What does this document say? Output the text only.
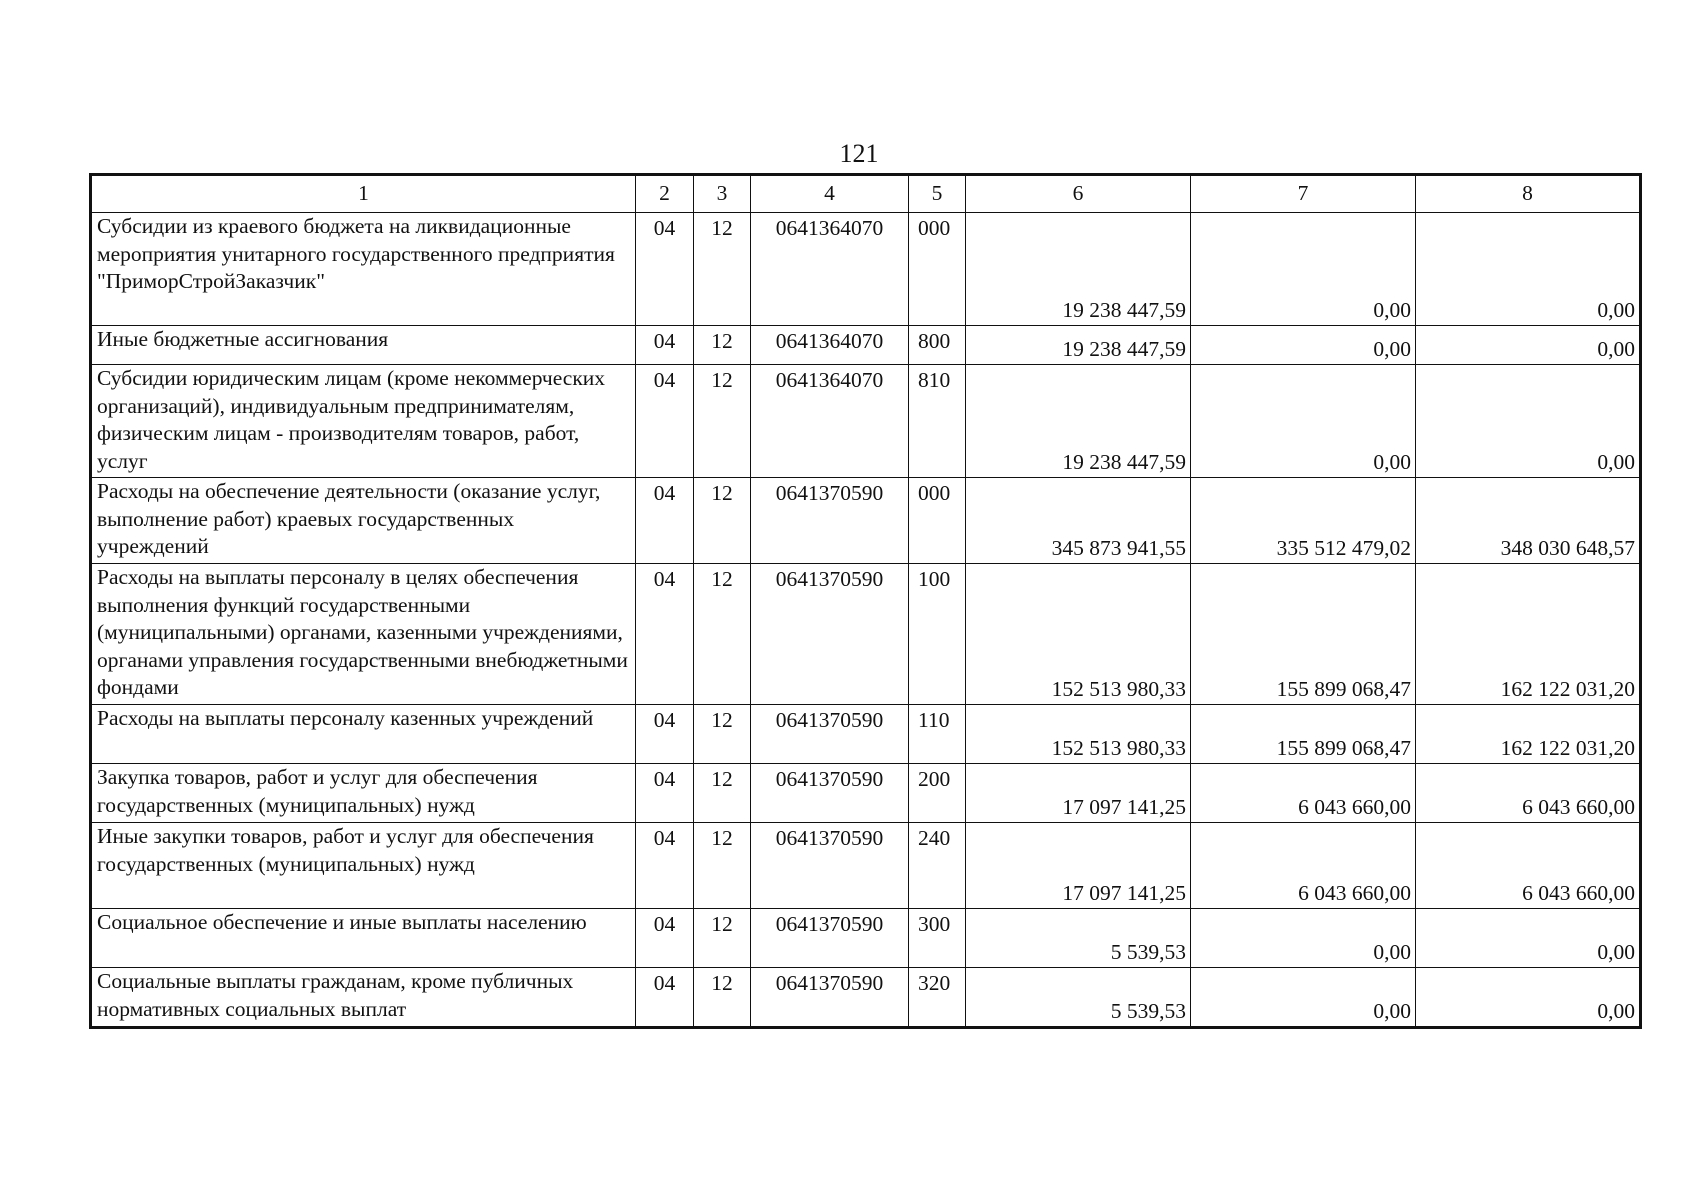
121
1	2	3	4	5	6	7	8
Субсидии из краевого бюджета на ликвидационные мероприятия унитарного государственного предприятия "ПриморСтройЗаказчик"	04	12	0641364070	000	19 238 447,59	0,00	0,00
Иные бюджетные ассигнования	04	12	0641364070	800	19 238 447,59	0,00	0,00
Субсидии юридическим лицам (кроме некоммерческих организаций), индивидуальным предпринимателям, физическим лицам - производителям товаров, работ, услуг	04	12	0641364070	810	19 238 447,59	0,00	0,00
Расходы на обеспечение деятельности (оказание услуг, выполнение работ) краевых государственных учреждений	04	12	0641370590	000	345 873 941,55	335 512 479,02	348 030 648,57
Расходы на выплаты персоналу в целях обеспечения выполнения функций государственными (муниципальными) органами, казенными учреждениями, органами управления государственными внебюджетными фондами	04	12	0641370590	100	152 513 980,33	155 899 068,47	162 122 031,20
Расходы на выплаты персоналу казенных учреждений	04	12	0641370590	110	152 513 980,33	155 899 068,47	162 122 031,20
Закупка товаров, работ и услуг для обеспечения государственных (муниципальных) нужд	04	12	0641370590	200	17 097 141,25	6 043 660,00	6 043 660,00
Иные закупки товаров, работ и услуг для обеспечения государственных (муниципальных) нужд	04	12	0641370590	240	17 097 141,25	6 043 660,00	6 043 660,00
Социальное обеспечение и иные выплаты населению	04	12	0641370590	300	5 539,53	0,00	0,00
Социальные выплаты гражданам, кроме публичных нормативных социальных выплат	04	12	0641370590	320	5 539,53	0,00	0,00
